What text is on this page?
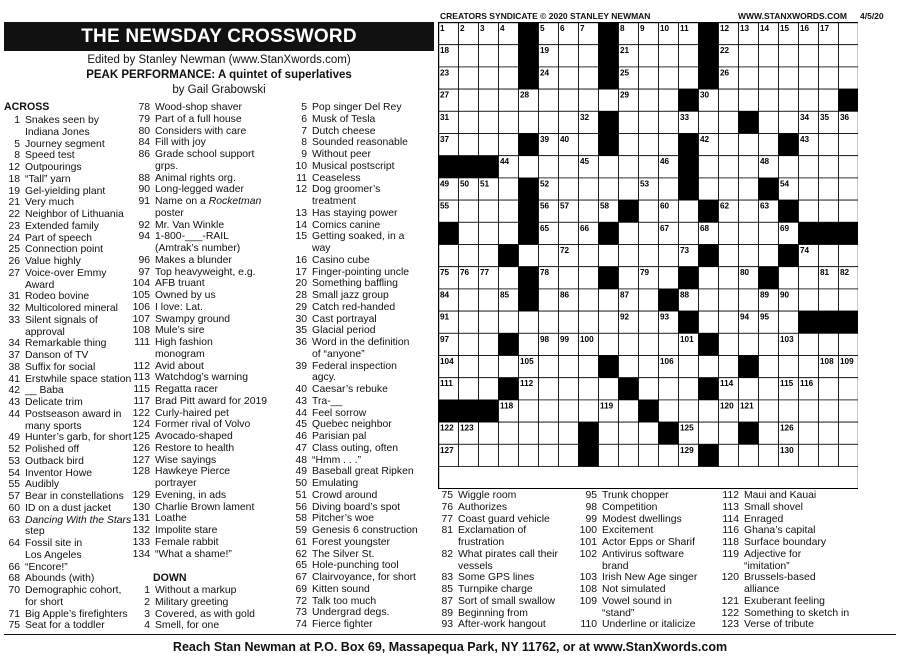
CREATORS SYNDICATE © 2020 STANLEY NEWMAN	WWW.STANXWORDS.COM 4/5/20
THE NEWSDAY CROSSWORD
Edited by Stanley Newman (www.StanXwords.com)
PEAK PERFORMANCE: A quintet of superlatives
by Gail Grabowski
ACROSS
1 Snakes seen by
Indiana Jones
5 Journey segment
8 Speed test
12 Outpourings
18 “Tall” yarn
19 Gel-yielding plant
21 Very much
22 Neighbor of Lithuania
23 Extended family
24 Part of speech
25 Connection point
26 Value highly
27 Voice-over Emmy
Award
31 Rodeo bovine
32 Multicolored mineral
33 Silent signals of
approval
34 Remarkable thing
37 Danson of TV
38 Suffix for social
41 Erstwhile space station
42 __ Baba
43 Delicate trim
44 Postseason award in
many sports
49 Hunter’s garb, for short
52 Polished off
53 Outback bird
54 Inventor Howe
55 Audibly
57 Bear in constellations
60 ID on a dust jacket
63 Dancing With the Stars
step
64 Fossil site in
Los Angeles
66 “Encore!”
68 Abounds (with)
70 Demographic cohort,
for short
71 Big Apple’s firefighters
75 Seat for a toddler
78 Wood-shop shaver
79 Part of a full house
80 Considers with care
84 Fill with joy
86 Grade school support
grps.
88 Animal rights org.
90 Long-legged wader
91 Name on a Rocketman
poster
92 Mr. Van Winkle
94 1-800-___-RAIL
(Amtrak’s number)
96 Makes a blunder
97 Top heavyweight, e.g.
104 AFB truant
105 Owned by us
106 I love: Lat.
107 Swampy ground
108 Mule’s sire
111 High fashion
monogram
112 Avid about
113 Watchdog’s warning
115 Regatta racer
117 Brad Pitt award for 2019
122 Curly-haired pet
124 Former rival of Volvo
125 Avocado-shaped
126 Restore to health
127 Wise sayings
128 Hawkeye Pierce
portrayer
129 Evening, in ads
130 Charlie Brown lament
131 Loathe
132 Impolite stare
133 Female rabbit
134 “What a shame!”
DOWN
1 Without a markup
2 Military greeting
3 Covered, as with gold
4 Smell, for one
5 Pop singer Del Rey
6 Musk of Tesla
7 Dutch cheese
8 Sounded reasonable
9 Without peer
10 Musical postscript
11 Ceaseless
12 Dog groomer’s
treatment
13 Has staying power
14 Comics canine
15 Getting soaked, in a
way
16 Casino cube
17 Finger-pointing uncle
20 Something baffling
28 Small jazz group
29 Catch red-handed
30 Cast portrayal
35 Glacial period
36 Word in the definition
of “anyone”
39 Federal inspection
agcy.
40 Caesar’s rebuke
43 Tra-__
44 Feel sorrow
45 Quebec neighbor
46 Parisian pal
47 Class outing, often
48 “Hmm . . .”
49 Baseball great Ripken
50 Emulating
51 Crowd around
56 Diving board’s spot
58 Pitcher’s woe
59 Genesis 6 construction
61 Forest youngster
62 The Silver St.
65 Hole-punching tool
67 Clairvoyance, for short
69 Kitten sound
72 Talk too much
73 Undergrad degs.
74 Fierce fighter
1 2 3 4	5 6 7	8 9 10 11	12 13 14 15 16 17
18	19	21	22
23	24	25	26
27	28	29	30
31	32	33	34 35 36
37	39 40	42	43
44	45	46	48
49 50 51	52	53	54
55	56 57	58	60	62	63
65	66	67	68	69
72	73	74
75 76 77	78	79	80	81 82
84	85	86	87	88	89 90
91	92	93	94 95
97	98 99 100	101	103
104	105	106	108 109
111	112	114	115 116
118	119	120 121
122 123	125	126
127	129	130
75 Wiggle room
76 Authorizes
77 Coast guard vehicle
81 Exclamation of
frustration
82 What pirates call their
vessels
83 Some GPS lines
85 Turnpike charge
87 Sort of small swallow
89 Beginning from
93 After-work hangout
95 Trunk chopper
98 Competition
99 Modest dwellings
100 Excitement
101 Actor Epps or Sharif
102 Antivirus software
brand
103 Irish New Age singer
108 Not simulated
109 Vowel sound in
“stand”
110 Underline or italicize
112 Maui and Kauai
113 Small shovel
114 Enraged
116 Ghana’s capital
118 Surface boundary
119 Adjective for
“imitation”
120 Brussels-based
alliance
121 Exuberant feeling
122 Something to sketch in
123 Verse of tribute
Reach Stan Newman at P.O. Box 69, Massapequa Park, NY 11762, or at www.StanXwords.com
